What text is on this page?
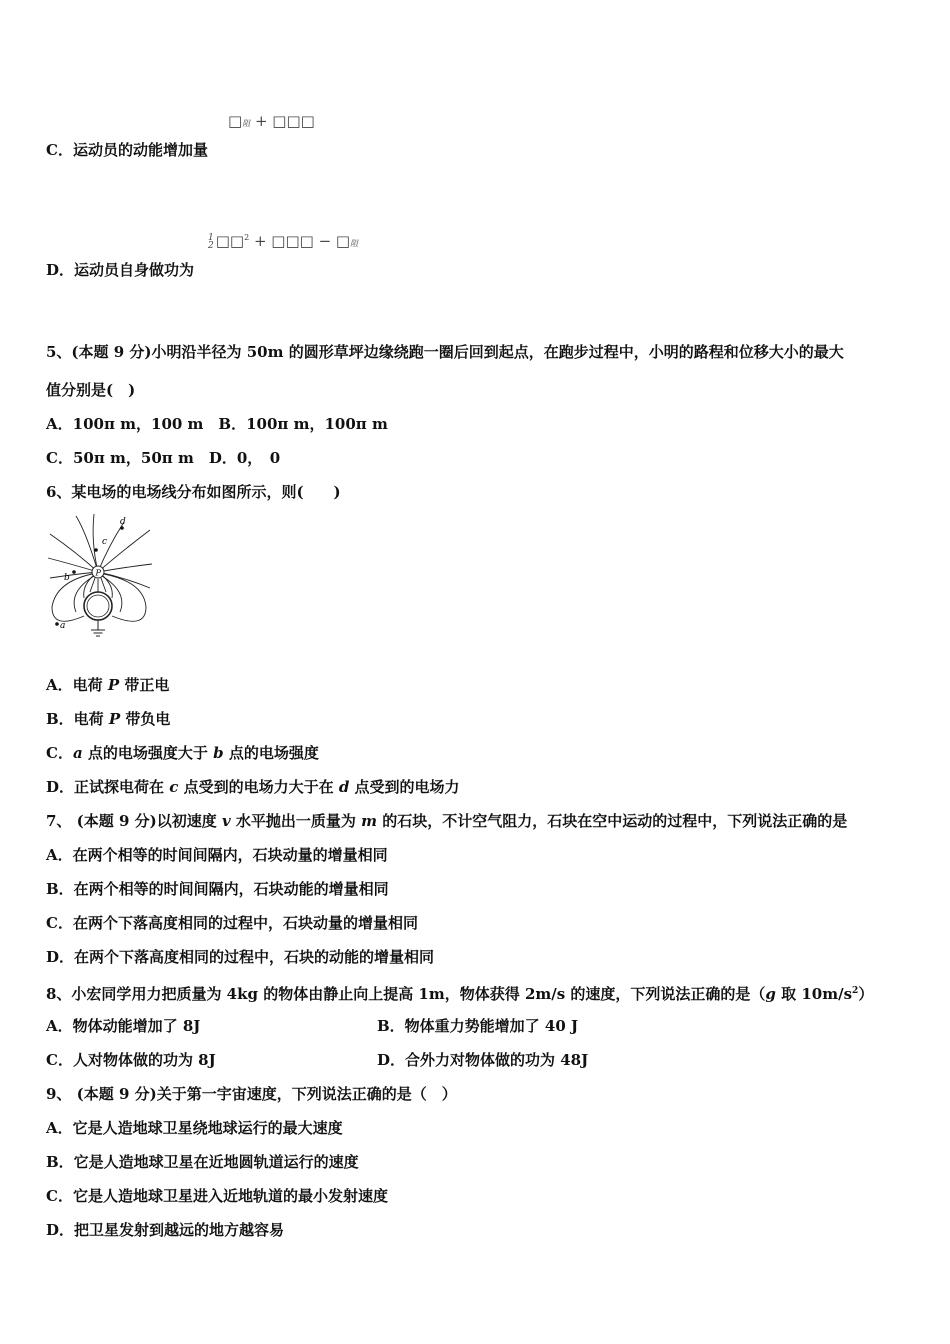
□阻 + □□□
C．运动员的动能增加量
1
2 □□$^2$ + □□□ − □阻
D．运动员自身做功为
5、(本题 9 分)小明沿半径为 50m 的圆形草坪边缘绕跑一圈后回到起点，在跑步过程中，小明的路程和位移大小的最大
值分别是(　)
A．100π m，100 m　B．100π m，100π m
C．50π m，50π m　D．0，　0
6、某电场的电场线分布如图所示，则(　　)
P
a
b
c
d
A．电荷 P 带正电
B．电荷 P 带负电
C．a 点的电场强度大于 b 点的电场强度
D．正试探电荷在 c 点受到的电场力大于在 d 点受到的电场力
7、 (本题 9 分)以初速度 v 水平抛出一质量为 m 的石块，不计空气阻力，石块在空中运动的过程中，下列说法正确的是
A．在两个相等的时间间隔内，石块动量的增量相同
B．在两个相等的时间间隔内，石块动能的增量相同
C．在两个下落高度相同的过程中，石块动量的增量相同
D．在两个下落高度相同的过程中，石块的动能的增量相同
8、小宏同学用力把质量为 4kg 的物体由静止向上提高 1m，物体获得 2m/s 的速度，下列说法正确的是（g 取 $10m/s^2$）
A．物体动能增加了 8J	B．物体重力势能增加了 40 J
C．人对物体做的功为 8J	D．合外力对物体做的功为 48J
9、 (本题 9 分)关于第一宇宙速度，下列说法正确的是（　）
A．它是人造地球卫星绕地球运行的最大速度
B．它是人造地球卫星在近地圆轨道运行的速度
C．它是人造地球卫星进入近地轨道的最小发射速度
D．把卫星发射到越远的地方越容易
